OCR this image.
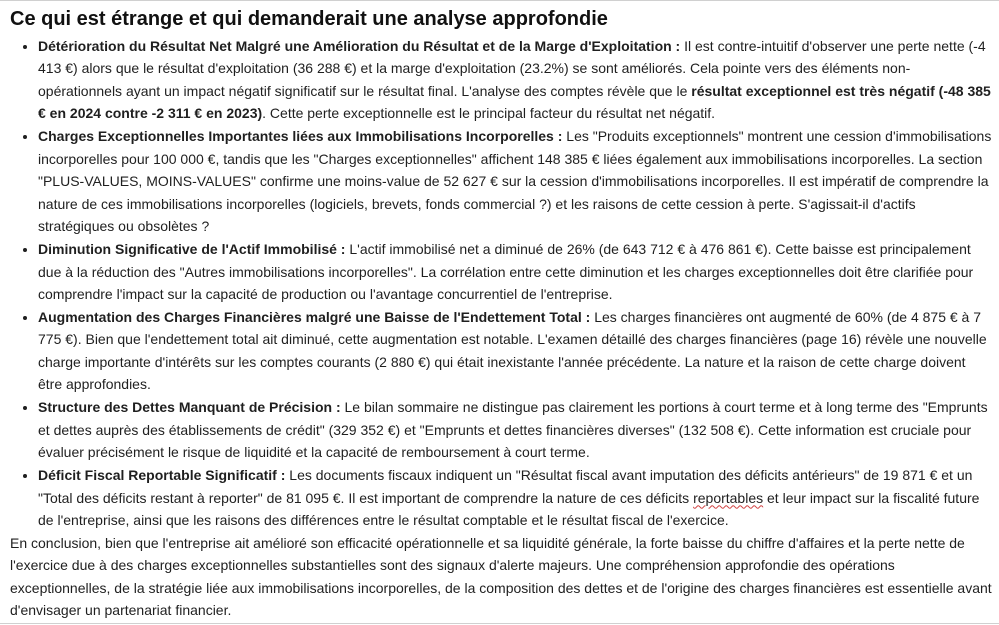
Ce qui est étrange et qui demanderait une analyse approfondie
• Détérioration du Résultat Net Malgré une Amélioration du Résultat et de la Marge d'Exploitation : Il est contre-intuitif d'observer une perte nette (-4 413 €) alors que le résultat d'exploitation (36 288 €) et la marge d'exploitation (23.2%) se sont améliorés. Cela pointe vers des éléments non-opérationnels ayant un impact négatif significatif sur le résultat final. L'analyse des comptes révèle que le résultat exceptionnel est très négatif (-48 385 € en 2024 contre -2 311 € en 2023). Cette perte exceptionnelle est le principal facteur du résultat net négatif.
• Charges Exceptionnelles Importantes liées aux Immobilisations Incorporelles : Les "Produits exceptionnels" montrent une cession d'immobilisations incorporelles pour 100 000 €, tandis que les "Charges exceptionnelles" affichent 148 385 € liées également aux immobilisations incorporelles. La section "PLUS-VALUES, MOINS-VALUES" confirme une moins-value de 52 627 € sur la cession d'immobilisations incorporelles. Il est impératif de comprendre la nature de ces immobilisations incorporelles (logiciels, brevets, fonds commercial ?) et les raisons de cette cession à perte. S'agissait-il d'actifs stratégiques ou obsolètes ?
• Diminution Significative de l'Actif Immobilisé : L'actif immobilisé net a diminué de 26% (de 643 712 € à 476 861 €). Cette baisse est principalement due à la réduction des "Autres immobilisations incorporelles". La corrélation entre cette diminution et les charges exceptionnelles doit être clarifiée pour comprendre l'impact sur la capacité de production ou l'avantage concurrentiel de l'entreprise.
• Augmentation des Charges Financières malgré une Baisse de l'Endettement Total : Les charges financières ont augmenté de 60% (de 4 875 € à 7 775 €). Bien que l'endettement total ait diminué, cette augmentation est notable. L'examen détaillé des charges financières (page 16) révèle une nouvelle charge importante d'intérêts sur les comptes courants (2 880 €) qui était inexistante l'année précédente. La nature et la raison de cette charge doivent être approfondies.
• Structure des Dettes Manquant de Précision : Le bilan sommaire ne distingue pas clairement les portions à court terme et à long terme des "Emprunts et dettes auprès des établissements de crédit" (329 352 €) et "Emprunts et dettes financières diverses" (132 508 €). Cette information est cruciale pour évaluer précisément le risque de liquidité et la capacité de remboursement à court terme.
• Déficit Fiscal Reportable Significatif : Les documents fiscaux indiquent un "Résultat fiscal avant imputation des déficits antérieurs" de 19 871 € et un "Total des déficits restant à reporter" de 81 095 €. Il est important de comprendre la nature de ces déficits reportables et leur impact sur la fiscalité future de l'entreprise, ainsi que les raisons des différences entre le résultat comptable et le résultat fiscal de l'exercice.

En conclusion, bien que l'entreprise ait amélioré son efficacité opérationnelle et sa liquidité générale, la forte baisse du chiffre d'affaires et la perte nette de l'exercice due à des charges exceptionnelles substantielles sont des signaux d'alerte majeurs. Une compréhension approfondie des opérations exceptionnelles, de la stratégie liée aux immobilisations incorporelles, de la composition des dettes et de l'origine des charges financières est essentielle avant d'envisager un partenariat financier.
